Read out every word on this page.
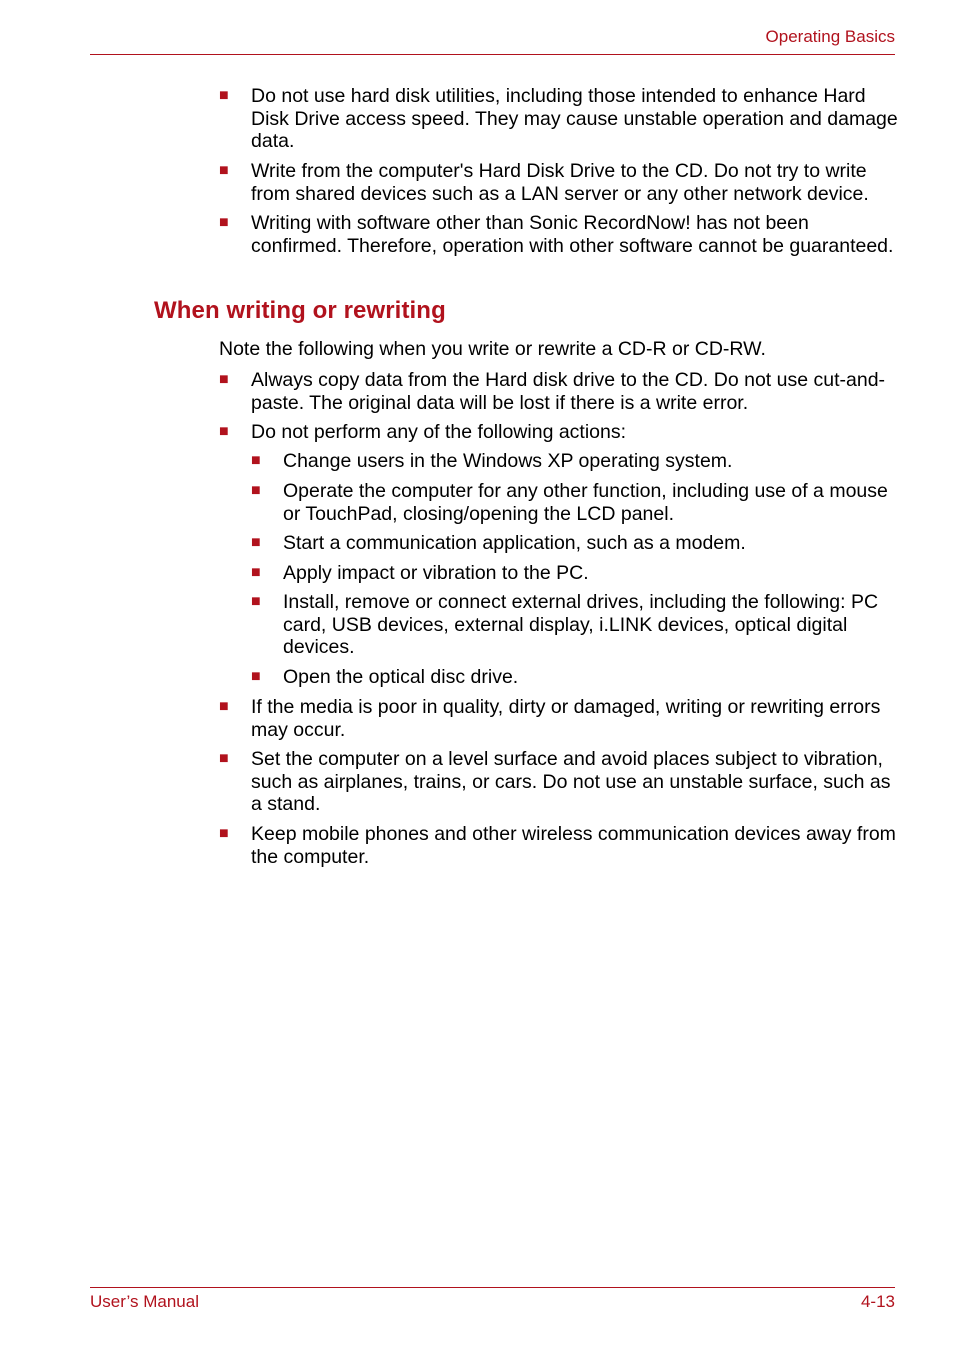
Operating Basics
■ Do not use hard disk utilities, including those intended to enhance Hard Disk Drive access speed. They may cause unstable operation and damage data.
■ Write from the computer's Hard Disk Drive to the CD. Do not try to write from shared devices such as a LAN server or any other network device.
■ Writing with software other than Sonic RecordNow! has not been confirmed. Therefore, operation with other software cannot be guaranteed.
When writing or rewriting
Note the following when you write or rewrite a CD-R or CD-RW.
■ Always copy data from the Hard disk drive to the CD. Do not use cut-and-paste. The original data will be lost if there is a write error.
■ Do not perform any of the following actions:
■ Change users in the Windows XP operating system.
■ Operate the computer for any other function, including use of a mouse or TouchPad, closing/opening the LCD panel.
■ Start a communication application, such as a modem.
■ Apply impact or vibration to the PC.
■ Install, remove or connect external drives, including the following: PC card, USB devices, external display, i.LINK devices, optical digital devices.
■ Open the optical disc drive.
■ If the media is poor in quality, dirty or damaged, writing or rewriting errors may occur.
■ Set the computer on a level surface and avoid places subject to vibration, such as airplanes, trains, or cars. Do not use an unstable surface, such as a stand.
■ Keep mobile phones and other wireless communication devices away from the computer.
User’s Manual	4-13
